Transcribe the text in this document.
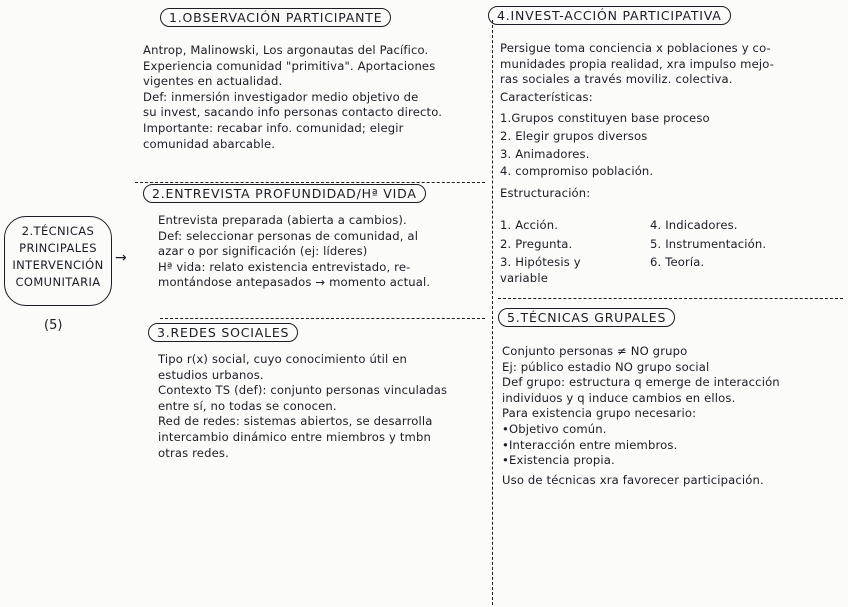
2.TÉCNICAS
PRINCIPALES
INTERVENCIÓN
COMUNITARIA
→
(5)
1.OBSERVACIÓN PARTICIPANTE
Antrop, Malinowski, Los argonautas del Pacífico.
Experiencia comunidad "primitiva". Aportaciones
vigentes en actualidad.
Def: inmersión investigador medio objetivo de
su invest, sacando info personas contacto directo.
Importante: recabar info. comunidad; elegir
comunidad abarcable.
2.ENTREVISTA PROFUNDIDAD/Hª VIDA
Entrevista preparada (abierta a cambios).
Def: seleccionar personas de comunidad, al
azar o por significación (ej: líderes)
Hª vida: relato existencia entrevistado, re-
montándose antepasados → momento actual.
3.REDES SOCIALES
Tipo r(x) social, cuyo conocimiento útil en
estudios urbanos.
Contexto TS (def): conjunto personas vinculadas
entre sí, no todas se conocen.
Red de redes: sistemas abiertos, se desarrolla
intercambio dinámico entre miembros y tmbn
otras redes.
4.INVEST-ACCIÓN PARTICIPATIVA
Persigue toma conciencia x poblaciones y co-
munidades propia realidad, xra impulso mejo-
ras sociales a través moviliz. colectiva.
Características:
1.Grupos constituyen base proceso
2. Elegir grupos diversos
3. Animadores.
4. compromiso población.
Estructuración:
1. Acción.	4. Indicadores.
2. Pregunta.	5. Instrumentación.
3. Hipótesis y variable
6. Teoría.
5.TÉCNICAS GRUPALES
Conjunto personas ≠ NO grupo
Ej: público estadio NO grupo social
Def grupo: estructura q emerge de interacción
individuos y q induce cambios en ellos.
Para existencia grupo necesario:
•Objetivo común.
•Interacción entre miembros.
•Existencia propia.
Uso de técnicas xra favorecer participación.
